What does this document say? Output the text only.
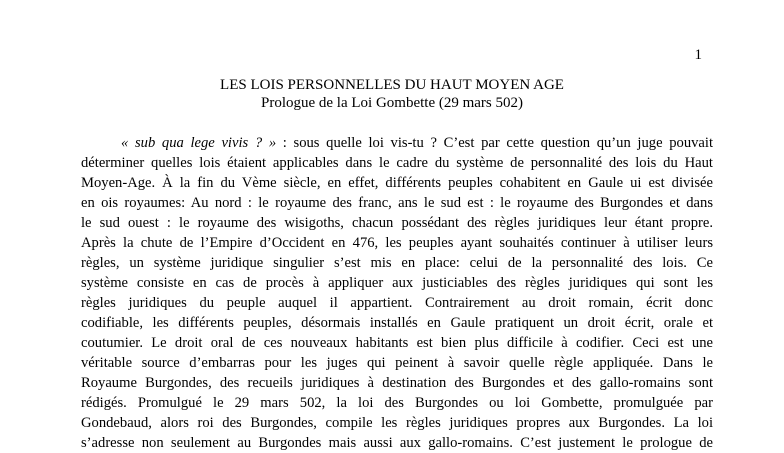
1
LES LOIS PERSONNELLES DU HAUT MOYEN AGE
Prologue de la Loi Gombette (29 mars 502)
« sub qua lege vivis ? » : sous quelle loi vis-tu ? C’est par cette question qu’un juge pouvait
déterminer quelles lois étaient applicables dans le cadre du système de personnalité des lois du Haut
Moyen-Age. À la fin du Vème siècle, en effet, différents peuples cohabitent en Gaule ui est divisée
en ois royaumes: Au nord : le royaume des franc, ans le sud est : le royaume des Burgondes et dans
le sud ouest : le royaume des wisigoths, chacun possédant des règles juridiques leur étant propre.
Après la chute de l’Empire d’Occident en 476, les peuples ayant souhaités continuer à utiliser leurs
règles, un système juridique singulier s’est mis en place: celui de la personnalité des lois. Ce
système consiste en cas de procès à appliquer aux justiciables des règles juridiques qui sont les
règles juridiques du peuple auquel il appartient. Contrairement au droit romain, écrit donc
codifiable, les différents peuples, désormais installés en Gaule pratiquent un droit écrit, orale et
coutumier. Le droit oral de ces nouveaux habitants est bien plus difficile à codifier. Ceci est une
véritable source d’embarras pour les juges qui peinent à savoir quelle règle appliquée. Dans le
Royaume Burgondes, des recueils juridiques à destination des Burgondes et des gallo-romains sont
rédigés. Promulgué le 29 mars 502, la loi des Burgondes ou loi Gombette, promulguée par
Gondebaud, alors roi des Burgondes, compile les règles juridiques propres aux Burgondes. La loi
s’adresse non seulement au Burgondes mais aussi aux gallo-romains. C’est justement le prologue de
